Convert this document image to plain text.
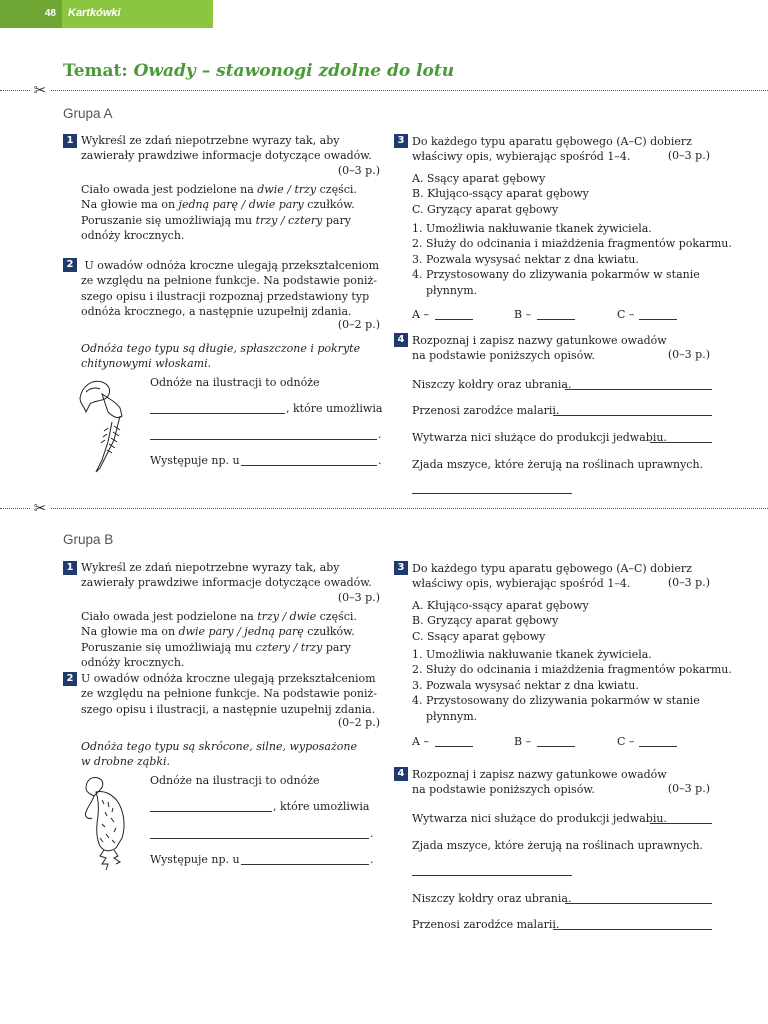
48	Kartkówki
Temat: Owady – stawonogi zdolne do lotu
✂
✂
Grupa A
1 Wykreśl ze zdań niepotrzebne wyrazy tak, aby
zawierały prawdziwe informacje dotyczące owadów.
(0–3 p.)
Ciało owada jest podzielone na dwie / trzy części.
Na głowie ma on jedną parę / dwie pary czułków.
Poruszanie się umożliwiają mu trzy / cztery pary
odnóży krocznych.
2 U owadów odnóża kroczne ulegają przekształceniom
ze względu na pełnione funkcje. Na podstawie poniż-
szego opisu i ilustracji rozpoznaj przedstawiony typ
odnóża krocznego, a następnie uzupełnij zdania.
(0–2 p.)
Odnóża tego typu są długie, spłaszczone i pokryte
chitynowymi włoskami.
Odnóże na ilustracji to odnóże
, które umożliwia
.
Występuje np. u	.
3 Do każdego typu aparatu gębowego (A–C) dobierz
właściwy opis, wybierając spośród 1–4.	(0–3 p.)
A. Ssący aparat gębowy
B. Kłująco-ssący aparat gębowy
C. Gryzący aparat gębowy
1. Umożliwia nakłuwanie tkanek żywiciela.
2. Służy do odcinania i miażdżenia fragmentów pokarmu.
3. Pozwala wysysać nektar z dna kwiatu.
4. Przystosowany do zlizywania pokarmów w stanie
płynnym.
A –	B –	C –
4 Rozpoznaj i zapisz nazwy gatunkowe owadów
na podstawie poniższych opisów.	(0–3 p.)
Niszczy kołdry oraz ubrania.
Przenosi zarodźce malarii.
Wytwarza nici służące do produkcji jedwabiu.
Zjada mszyce, które żerują na roślinach uprawnych.
Grupa B
1 Wykreśl ze zdań niepotrzebne wyrazy tak, aby
zawierały prawdziwe informacje dotyczące owadów.
(0–3 p.)
Ciało owada jest podzielone na trzy / dwie części.
Na głowie ma on dwie pary / jedną parę czułków.
Poruszanie się umożliwiają mu cztery / trzy pary
odnóży krocznych.
2 U owadów odnóża kroczne ulegają przekształceniom
ze względu na pełnione funkcje. Na podstawie poniż-
szego opisu i ilustracji, a następnie uzupełnij zdania.
(0–2 p.)
Odnóża tego typu są skrócone, silne, wyposażone
w drobne ząbki.
Odnóże na ilustracji to odnóże
, które umożliwia
.
Występuje np. u	.
3 Do każdego typu aparatu gębowego (A–C) dobierz
właściwy opis, wybierając spośród 1–4.	(0–3 p.)
A. Kłująco-ssący aparat gębowy
B. Gryzący aparat gębowy
C. Ssący aparat gębowy
1. Umożliwia nakłuwanie tkanek żywiciela.
2. Służy do odcinania i miażdżenia fragmentów pokarmu.
3. Pozwala wysysać nektar z dna kwiatu.
4. Przystosowany do zlizywania pokarmów w stanie
płynnym.
A –	B –	C –
4 Rozpoznaj i zapisz nazwy gatunkowe owadów
na podstawie poniższych opisów.	(0–3 p.)
Wytwarza nici służące do produkcji jedwabiu.
Zjada mszyce, które żerują na roślinach uprawnych.
Niszczy kołdry oraz ubrania.
Przenosi zarodźce malarii.
